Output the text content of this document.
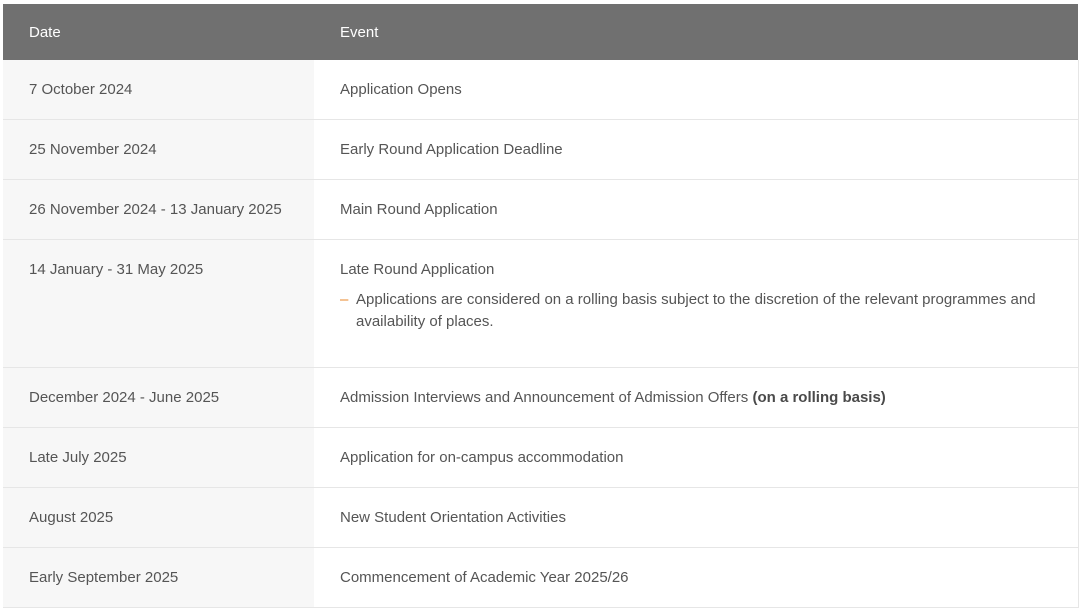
Date	Event
7 October 2024	Application Opens
25 November 2024	Early Round Application Deadline
26 November 2024 - 13 January 2025	Main Round Application
14 January - 31 May 2025	Late Round Application
– Applications are considered on a rolling basis subject to the discretion of the relevant programmes and availability of places.

December 2024 - June 2025	Admission Interviews and Announcement of Admission Offers (on a rolling basis)
Late July 2025	Application for on-campus accommodation
August 2025	New Student Orientation Activities
Early September 2025	Commencement of Academic Year 2025/26
